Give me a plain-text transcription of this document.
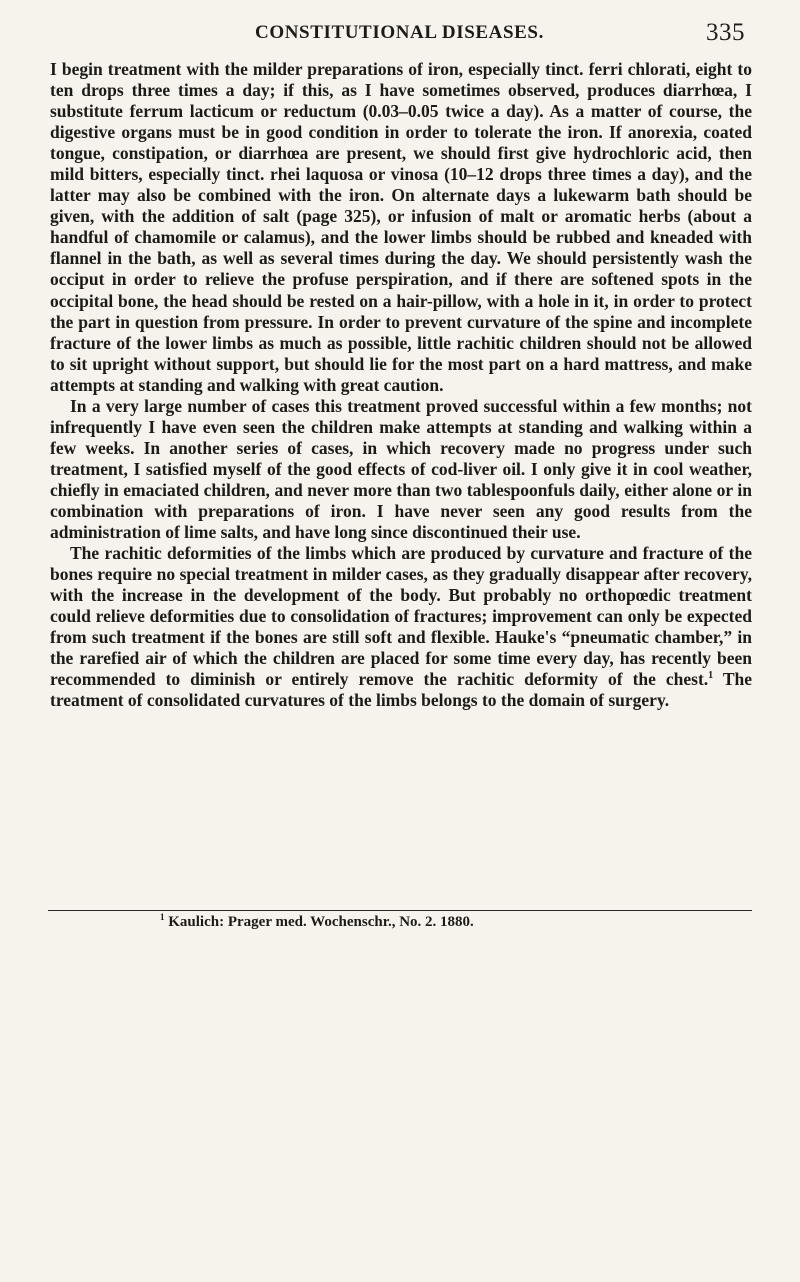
CONSTITUTIONAL DISEASES.	335

I begin treatment with the milder preparations of iron, especially tinct. ferri chlorati, eight to ten drops three times a day; if this, as I have sometimes observed, produces diarrhœa, I substitute ferrum lacticum or reductum (0.03–0.05 twice a day). As a matter of course, the digestive organs must be in good condition in order to tolerate the iron. If anorexia, coated tongue, constipation, or diarrhœa are present, we should first give hydrochloric acid, then mild bitters, especially tinct. rhei laquosa or vinosa (10–12 drops three times a day), and the latter may also be combined with the iron. On alternate days a lukewarm bath should be given, with the addition of salt (page 325), or infusion of malt or aromatic herbs (about a handful of chamomile or calamus), and the lower limbs should be rubbed and kneaded with flannel in the bath, as well as several times during the day. We should persistently wash the occiput in order to relieve the profuse perspiration, and if there are softened spots in the occipital bone, the head should be rested on a hair-pillow, with a hole in it, in order to protect the part in question from pressure. In order to prevent curvature of the spine and incomplete fracture of the lower limbs as much as possible, little rachitic children should not be allowed to sit upright without support, but should lie for the most part on a hard mattress, and make attempts at standing and walking with great caution.

In a very large number of cases this treatment proved successful within a few months; not infrequently I have even seen the children make attempts at standing and walking within a few weeks. In another series of cases, in which recovery made no progress under such treatment, I satisfied myself of the good effects of cod-liver oil. I only give it in cool weather, chiefly in emaciated children, and never more than two tablespoonfuls daily, either alone or in combination with preparations of iron. I have never seen any good results from the administration of lime salts, and have long since discontinued their use.

The rachitic deformities of the limbs which are produced by curvature and fracture of the bones require no special treatment in milder cases, as they gradually disappear after recovery, with the increase in the development of the body. But probably no orthopœdic treatment could relieve deformities due to consolidation of fractures; improvement can only be expected from such treatment if the bones are still soft and flexible. Hauke's “pneumatic chamber,” in the rarefied air of which the children are placed for some time every day, has recently been recommended to diminish or entirely remove the rachitic deformity of the chest.$^1$ The treatment of consolidated curvatures of the limbs belongs to the domain of surgery.

$^1$ Kaulich: Prager med. Wochenschr., No. 2. 1880.
